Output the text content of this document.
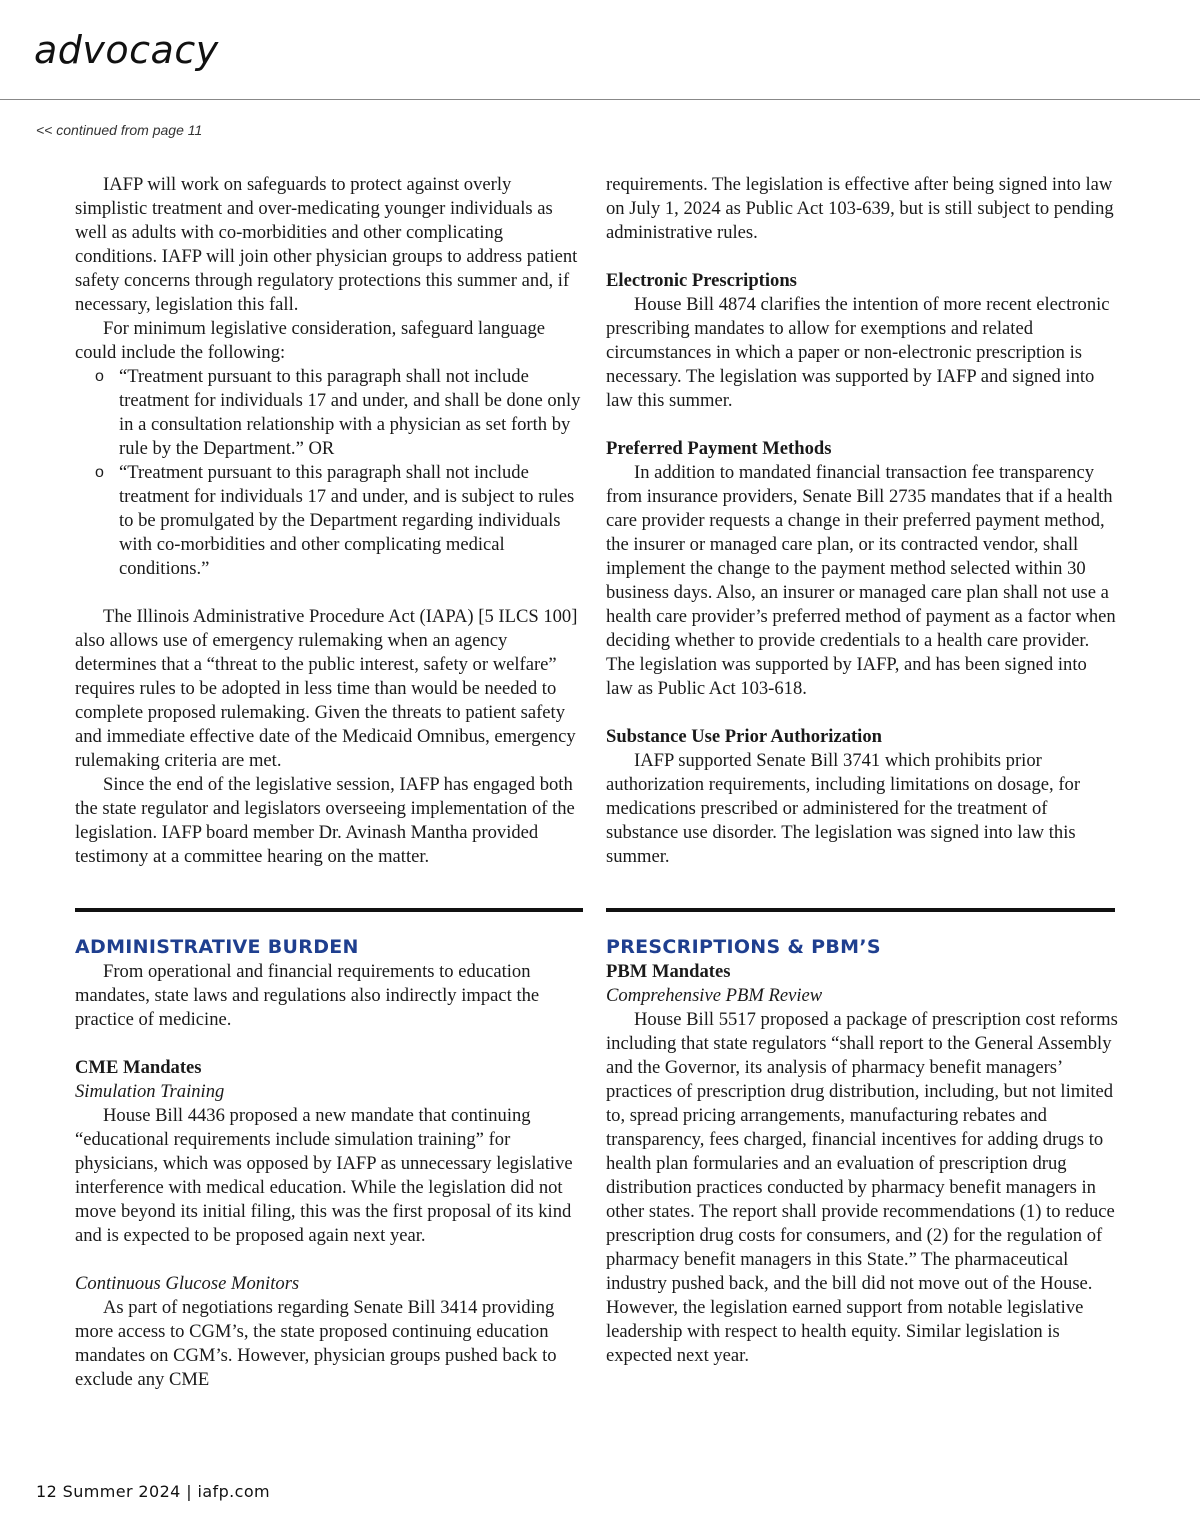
advocacy
<< continued from page 11

IAFP will work on safeguards to protect against overly simplistic treatment and over-medicating younger individuals as well as adults with co-morbidities and other complicating conditions. IAFP will join other physician groups to address patient safety concerns through regulatory protections this summer and, if necessary, legislation this fall.

For minimum legislative consideration, safeguard language could include the following:

o “Treatment pursuant to this paragraph shall not include treatment for individuals 17 and under, and shall be done only in a consultation relationship with a physician as set forth by rule by the Department.” OR
o “Treatment pursuant to this paragraph shall not include treatment for individuals 17 and under, and is subject to rules to be promulgated by the Department regarding individuals with co-morbidities and other complicating medical conditions.”

The Illinois Administrative Procedure Act (IAPA) [5 ILCS 100] also allows use of emergency rulemaking when an agency determines that a “threat to the public interest, safety or welfare” requires rules to be adopted in less time than would be needed to complete proposed rulemaking. Given the threats to patient safety and immediate effective date of the Medicaid Omnibus, emergency rulemaking criteria are met.

Since the end of the legislative session, IAFP has engaged both the state regulator and legislators overseeing implementation of the legislation. IAFP board member Dr. Avinash Mantha provided testimony at a committee hearing on the matter.

requirements. The legislation is effective after being signed into law on July 1, 2024 as Public Act 103-639, but is still subject to pending administrative rules.

Electronic Prescriptions

House Bill 4874 clarifies the intention of more recent electronic prescribing mandates to allow for exemptions and related circumstances in which a paper or non-electronic prescription is necessary. The legislation was supported by IAFP and signed into law this summer.

Preferred Payment Methods

In addition to mandated financial transaction fee transparency from insurance providers, Senate Bill 2735 mandates that if a health care provider requests a change in their preferred payment method, the insurer or managed care plan, or its contracted vendor, shall implement the change to the payment method selected within 30 business days. Also, an insurer or managed care plan shall not use a health care provider’s preferred method of payment as a factor when deciding whether to provide credentials to a health care provider. The legislation was supported by IAFP, and has been signed into law as Public Act 103-618.

Substance Use Prior Authorization

IAFP supported Senate Bill 3741 which prohibits prior authorization requirements, including limitations on dosage, for medications prescribed or administered for the treatment of substance use disorder. The legislation was signed into law this summer.

ADMINISTRATIVE BURDEN

From operational and financial requirements to education mandates, state laws and regulations also indirectly impact the practice of medicine.

CME Mandates

Simulation Training

House Bill 4436 proposed a new mandate that continuing “educational requirements include simulation training” for physicians, which was opposed by IAFP as unnecessary legislative interference with medical education. While the legislation did not move beyond its initial filing, this was the first proposal of its kind and is expected to be proposed again next year.

Continuous Glucose Monitors

As part of negotiations regarding Senate Bill 3414 providing more access to CGM’s, the state proposed continuing education mandates on CGM’s. However, physician groups pushed back to exclude any CME

PRESCRIPTIONS & PBM’S

PBM Mandates

Comprehensive PBM Review

House Bill 5517 proposed a package of prescription cost reforms including that state regulators “shall report to the General Assembly and the Governor, its analysis of pharmacy benefit managers’ practices of prescription drug distribution, including, but not limited to, spread pricing arrangements, manufacturing rebates and transparency, fees charged, financial incentives for adding drugs to health plan formularies and an evaluation of prescription drug distribution practices conducted by pharmacy benefit managers in other states. The report shall provide recommendations (1) to reduce prescription drug costs for consumers, and (2) for the regulation of pharmacy benefit managers in this State.” The pharmaceutical industry pushed back, and the bill did not move out of the House. However, the legislation earned support from notable legislative leadership with respect to health equity. Similar legislation is expected next year.

12 Summer 2024 | iafp.com
